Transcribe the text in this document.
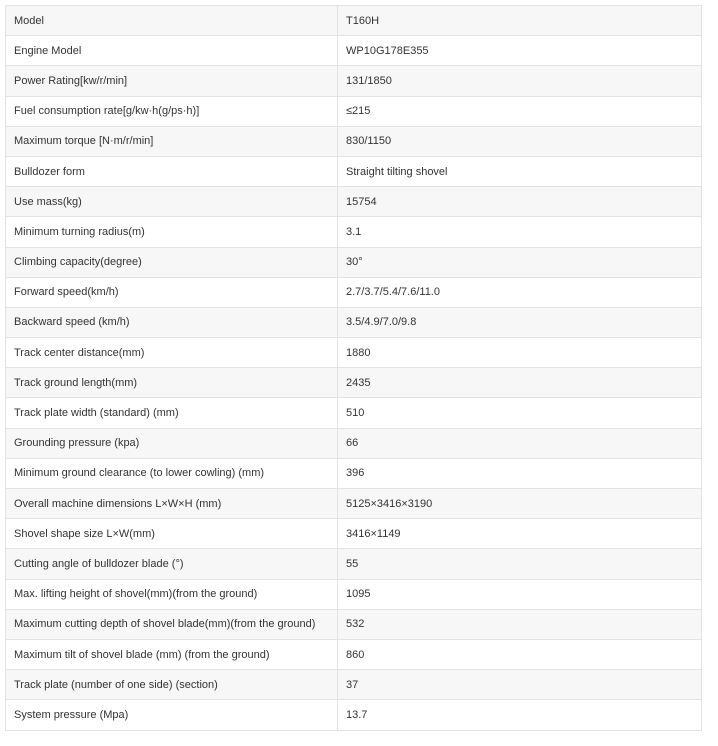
Model	T160H
Engine Model	WP10G178E355
Power Rating[kw/r/min]	131/1850
Fuel consumption rate[g/kw·h(g/ps·h)]	≤215
Maximum torque [N·m/r/min]	830/1150
Bulldozer form	Straight tilting shovel
Use mass(kg)	15754
Minimum turning radius(m)	3.1
Climbing capacity(degree)	30°
Forward speed(km/h)	2.7/3.7/5.4/7.6/11.0
Backward speed (km/h)	3.5/4.9/7.0/9.8
Track center distance(mm)	1880
Track ground length(mm)	2435
Track plate width (standard) (mm)	510
Grounding pressure (kpa)	66
Minimum ground clearance (to lower cowling) (mm)	396
Overall machine dimensions L×W×H (mm)	5125×3416×3190
Shovel shape size L×W(mm)	3416×1149
Cutting angle of bulldozer blade (°)	55
Max. lifting height of shovel(mm)(from the ground)	1095
Maximum cutting depth of shovel blade(mm)(from the ground)	532
Maximum tilt of shovel blade (mm) (from the ground)	860
Track plate (number of one side) (section)	37
System pressure (Mpa)	13.7
